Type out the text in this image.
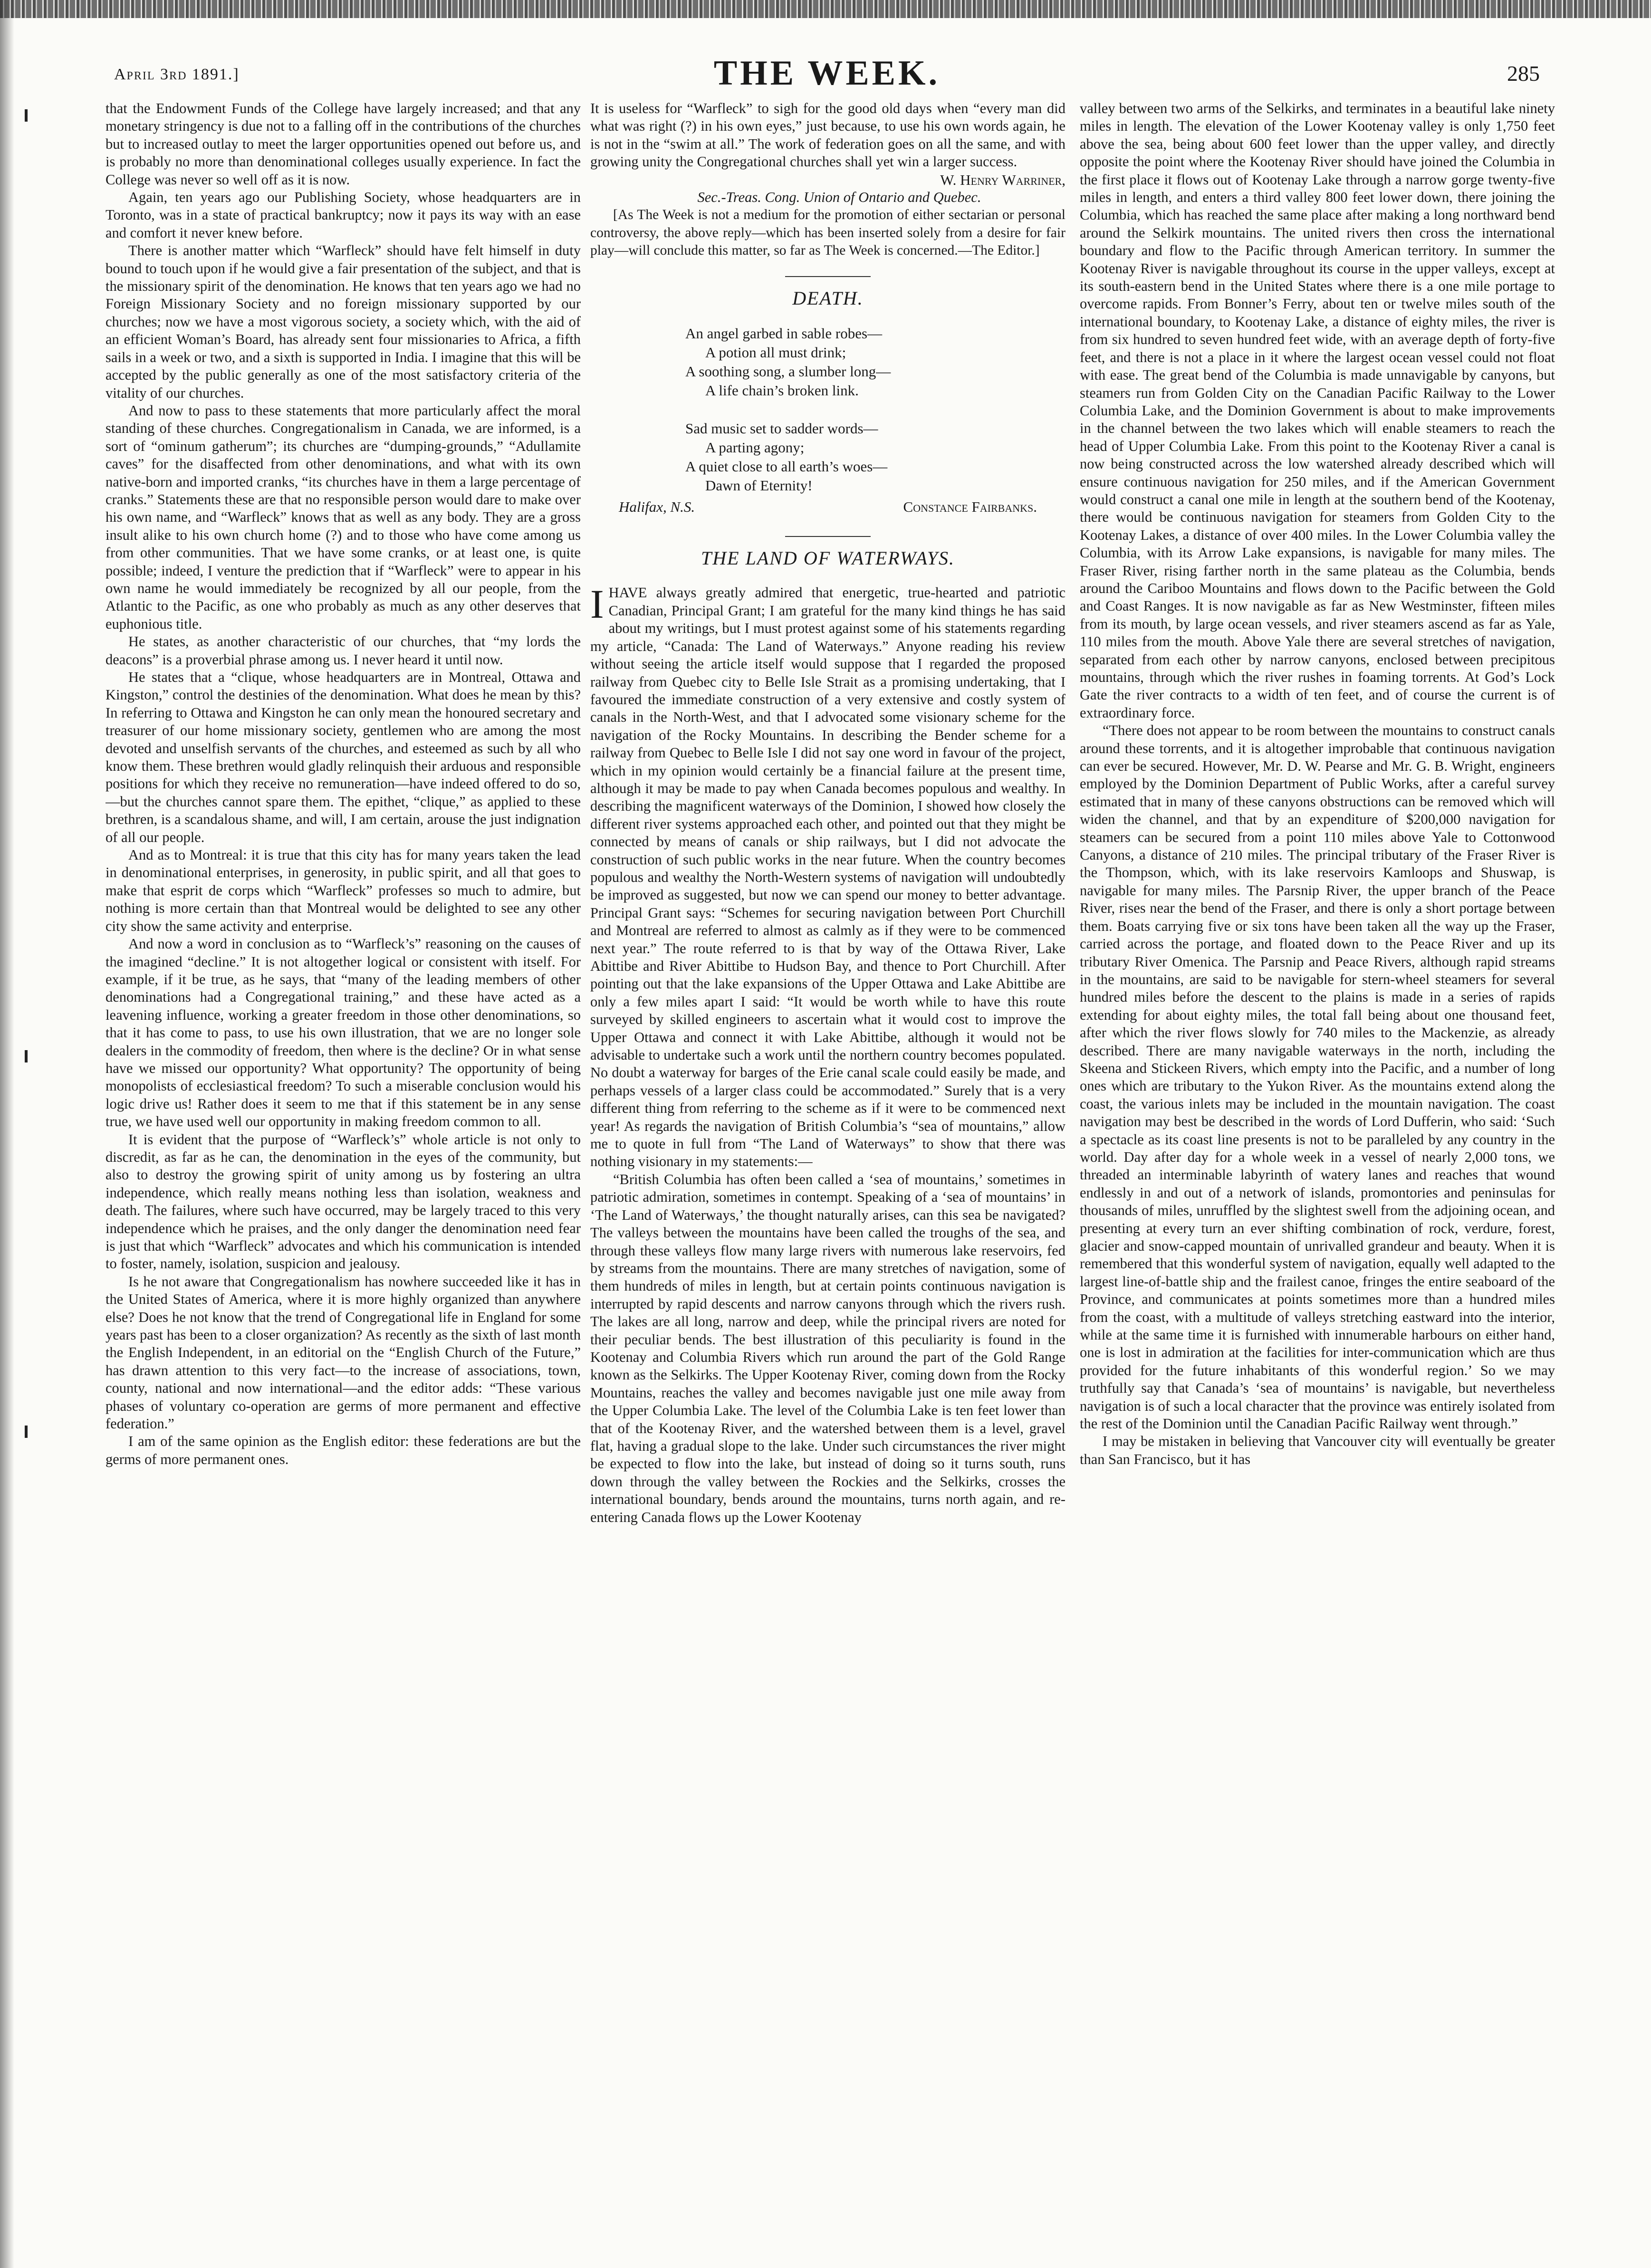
April 3rd 1891.]	THE WEEK.	285

that the Endowment Funds of the College have largely increased; and that any monetary stringency is due not to a falling off in the contributions of the churches but to increased outlay to meet the larger opportunities opened out before us, and is probably no more than denominational colleges usually experience. In fact the College was never so well off as it is now.

Again, ten years ago our Publishing Society, whose headquarters are in Toronto, was in a state of practical bankruptcy; now it pays its way with an ease and comfort it never knew before.

There is another matter which “Warfleck” should have felt himself in duty bound to touch upon if he would give a fair presentation of the subject, and that is the missionary spirit of the denomination. He knows that ten years ago we had no Foreign Missionary Society and no foreign missionary supported by our churches; now we have a most vigorous society, a society which, with the aid of an efficient Woman’s Board, has already sent four missionaries to Africa, a fifth sails in a week or two, and a sixth is supported in India. I imagine that this will be accepted by the public generally as one of the most satisfactory criteria of the vitality of our churches.

And now to pass to these statements that more particularly affect the moral standing of these churches. Congregationalism in Canada, we are informed, is a sort of “ominum gatherum”; its churches are “dumping-grounds,” “Adullamite caves” for the disaffected from other denominations, and what with its own native-born and imported cranks, “its churches have in them a large percentage of cranks.” Statements these are that no responsible person would dare to make over his own name, and “Warfleck” knows that as well as any body. They are a gross insult alike to his own church home (?) and to those who have come among us from other communities. That we have some cranks, or at least one, is quite possible; indeed, I venture the prediction that if “Warfleck” were to appear in his own name he would immediately be recognized by all our people, from the Atlantic to the Pacific, as one who probably as much as any other deserves that euphonious title.

He states, as another characteristic of our churches, that “my lords the deacons” is a proverbial phrase among us. I never heard it until now.

He states that a “clique, whose headquarters are in Montreal, Ottawa and Kingston,” control the destinies of the denomination. What does he mean by this? In referring to Ottawa and Kingston he can only mean the honoured secretary and treasurer of our home missionary society, gentlemen who are among the most devoted and unselfish servants of the churches, and esteemed as such by all who know them. These brethren would gladly relinquish their arduous and responsible positions for which they receive no remuneration—have indeed offered to do so,—but the churches cannot spare them. The epithet, “clique,” as applied to these brethren, is a scandalous shame, and will, I am certain, arouse the just indignation of all our people.

And as to Montreal: it is true that this city has for many years taken the lead in denominational enterprises, in generosity, in public spirit, and all that goes to make that esprit de corps which “Warfleck” professes so much to admire, but nothing is more certain than that Montreal would be delighted to see any other city show the same activity and enterprise.

And now a word in conclusion as to “Warfleck’s” reasoning on the causes of the imagined “decline.” It is not altogether logical or consistent with itself. For example, if it be true, as he says, that “many of the leading members of other denominations had a Congregational training,” and these have acted as a leavening influence, working a greater freedom in those other denominations, so that it has come to pass, to use his own illustration, that we are no longer sole dealers in the commodity of freedom, then where is the decline? Or in what sense have we missed our opportunity? What opportunity? The opportunity of being monopolists of ecclesiastical freedom? To such a miserable conclusion would his logic drive us! Rather does it seem to me that if this statement be in any sense true, we have used well our opportunity in making freedom common to all.

It is evident that the purpose of “Warfleck’s” whole article is not only to discredit, as far as he can, the denomination in the eyes of the community, but also to destroy the growing spirit of unity among us by fostering an ultra independence, which really means nothing less than isolation, weakness and death. The failures, where such have occurred, may be largely traced to this very independence which he praises, and the only danger the denomination need fear is just that which “Warfleck” advocates and which his communication is intended to foster, namely, isolation, suspicion and jealousy.

Is he not aware that Congregationalism has nowhere succeeded like it has in the United States of America, where it is more highly organized than anywhere else? Does he not know that the trend of Congregational life in England for some years past has been to a closer organization? As recently as the sixth of last month the English Independent, in an editorial on the “English Church of the Future,” has drawn attention to this very fact—to the increase of associations, town, county, national and now international—and the editor adds: “These various phases of voluntary co-operation are germs of more permanent and effective federation.”

I am of the same opinion as the English editor: these federations are but the germs of more permanent ones.

It is useless for “Warfleck” to sigh for the good old days when “every man did what was right (?) in his own eyes,” just because, to use his own words again, he is not in the “swim at all.” The work of federation goes on all the same, and with growing unity the Congregational churches shall yet win a larger success.

W. Henry Warriner,

Sec.-Treas. Cong. Union of Ontario and Quebec.

[As The Week is not a medium for the promotion of either sectarian or personal controversy, the above reply—which has been inserted solely from a desire for fair play—will conclude this matter, so far as The Week is concerned.—The Editor.]

DEATH.
An angel garbed in sable robes—
A potion all must drink;
A soothing song, a slumber long—
A life chain’s broken link.
Sad music set to sadder words—
A parting agony;
A quiet close to all earth’s woes—
Dawn of Eternity!
Halifax, N.S.	Constance Fairbanks.
THE LAND OF WATERWAYS.

IHAVE always greatly admired that energetic, true-hearted and patriotic Canadian, Principal Grant; I am grateful for the many kind things he has said about my writings, but I must protest against some of his statements regarding my article, “Canada: The Land of Waterways.” Anyone reading his review without seeing the article itself would suppose that I regarded the proposed railway from Quebec city to Belle Isle Strait as a promising undertaking, that I favoured the immediate construction of a very extensive and costly system of canals in the North-West, and that I advocated some visionary scheme for the navigation of the Rocky Mountains. In describing the Bender scheme for a railway from Quebec to Belle Isle I did not say one word in favour of the project, which in my opinion would certainly be a financial failure at the present time, although it may be made to pay when Canada becomes populous and wealthy. In describing the magnificent waterways of the Dominion, I showed how closely the different river systems approached each other, and pointed out that they might be connected by means of canals or ship railways, but I did not advocate the construction of such public works in the near future. When the country becomes populous and wealthy the North-Western systems of navigation will undoubtedly be improved as suggested, but now we can spend our money to better advantage. Principal Grant says: “Schemes for securing navigation between Port Churchill and Montreal are referred to almost as calmly as if they were to be commenced next year.” The route referred to is that by way of the Ottawa River, Lake Abittibe and River Abittibe to Hudson Bay, and thence to Port Churchill. After pointing out that the lake expansions of the Upper Ottawa and Lake Abittibe are only a few miles apart I said: “It would be worth while to have this route surveyed by skilled engineers to ascertain what it would cost to improve the Upper Ottawa and connect it with Lake Abittibe, although it would not be advisable to undertake such a work until the northern country becomes populated. No doubt a waterway for barges of the Erie canal scale could easily be made, and perhaps vessels of a larger class could be accommodated.” Surely that is a very different thing from referring to the scheme as if it were to be commenced next year! As regards the navigation of British Columbia’s “sea of mountains,” allow me to quote in full from “The Land of Waterways” to show that there was nothing visionary in my statements:—

“British Columbia has often been called a ‘sea of mountains,’ sometimes in patriotic admiration, sometimes in contempt. Speaking of a ‘sea of mountains’ in ‘The Land of Waterways,’ the thought naturally arises, can this sea be navigated? The valleys between the mountains have been called the troughs of the sea, and through these valleys flow many large rivers with numerous lake reservoirs, fed by streams from the mountains. There are many stretches of navigation, some of them hundreds of miles in length, but at certain points continuous navigation is interrupted by rapid descents and narrow canyons through which the rivers rush. The lakes are all long, narrow and deep, while the principal rivers are noted for their peculiar bends. The best illustration of this peculiarity is found in the Kootenay and Columbia Rivers which run around the part of the Gold Range known as the Selkirks. The Upper Kootenay River, coming down from the Rocky Mountains, reaches the valley and becomes navigable just one mile away from the Upper Columbia Lake. The level of the Columbia Lake is ten feet lower than that of the Kootenay River, and the watershed between them is a level, gravel flat, having a gradual slope to the lake. Under such circumstances the river might be expected to flow into the lake, but instead of doing so it turns south, runs down through the valley between the Rockies and the Selkirks, crosses the international boundary, bends around the mountains, turns north again, and re-entering Canada flows up the Lower Kootenay

valley between two arms of the Selkirks, and terminates in a beautiful lake ninety miles in length. The elevation of the Lower Kootenay valley is only 1,750 feet above the sea, being about 600 feet lower than the upper valley, and directly opposite the point where the Kootenay River should have joined the Columbia in the first place it flows out of Kootenay Lake through a narrow gorge twenty-five miles in length, and enters a third valley 800 feet lower down, there joining the Columbia, which has reached the same place after making a long northward bend around the Selkirk mountains. The united rivers then cross the international boundary and flow to the Pacific through American territory. In summer the Kootenay River is navigable throughout its course in the upper valleys, except at its south-eastern bend in the United States where there is a one mile portage to overcome rapids. From Bonner’s Ferry, about ten or twelve miles south of the international boundary, to Kootenay Lake, a distance of eighty miles, the river is from six hundred to seven hundred feet wide, with an average depth of forty-five feet, and there is not a place in it where the largest ocean vessel could not float with ease. The great bend of the Columbia is made unnavigable by canyons, but steamers run from Golden City on the Canadian Pacific Railway to the Lower Columbia Lake, and the Dominion Government is about to make improvements in the channel between the two lakes which will enable steamers to reach the head of Upper Columbia Lake. From this point to the Kootenay River a canal is now being constructed across the low watershed already described which will ensure continuous navigation for 250 miles, and if the American Government would construct a canal one mile in length at the southern bend of the Kootenay, there would be continuous navigation for steamers from Golden City to the Kootenay Lakes, a distance of over 400 miles. In the Lower Columbia valley the Columbia, with its Arrow Lake expansions, is navigable for many miles. The Fraser River, rising farther north in the same plateau as the Columbia, bends around the Cariboo Mountains and flows down to the Pacific between the Gold and Coast Ranges. It is now navigable as far as New Westminster, fifteen miles from its mouth, by large ocean vessels, and river steamers ascend as far as Yale, 110 miles from the mouth. Above Yale there are several stretches of navigation, separated from each other by narrow canyons, enclosed between precipitous mountains, through which the river rushes in foaming torrents. At God’s Lock Gate the river contracts to a width of ten feet, and of course the current is of extraordinary force.

“There does not appear to be room between the mountains to construct canals around these torrents, and it is altogether improbable that continuous navigation can ever be secured. However, Mr. D. W. Pearse and Mr. G. B. Wright, engineers employed by the Dominion Department of Public Works, after a careful survey estimated that in many of these canyons obstructions can be removed which will widen the channel, and that by an expenditure of $200,000 navigation for steamers can be secured from a point 110 miles above Yale to Cottonwood Canyons, a distance of 210 miles. The principal tributary of the Fraser River is the Thompson, which, with its lake reservoirs Kamloops and Shuswap, is navigable for many miles. The Parsnip River, the upper branch of the Peace River, rises near the bend of the Fraser, and there is only a short portage between them. Boats carrying five or six tons have been taken all the way up the Fraser, carried across the portage, and floated down to the Peace River and up its tributary River Omenica. The Parsnip and Peace Rivers, although rapid streams in the mountains, are said to be navigable for stern-wheel steamers for several hundred miles before the descent to the plains is made in a series of rapids extending for about eighty miles, the total fall being about one thousand feet, after which the river flows slowly for 740 miles to the Mackenzie, as already described. There are many navigable waterways in the north, including the Skeena and Stickeen Rivers, which empty into the Pacific, and a number of long ones which are tributary to the Yukon River. As the mountains extend along the coast, the various inlets may be included in the mountain navigation. The coast navigation may best be described in the words of Lord Dufferin, who said: ‘Such a spectacle as its coast line presents is not to be paralleled by any country in the world. Day after day for a whole week in a vessel of nearly 2,000 tons, we threaded an interminable labyrinth of watery lanes and reaches that wound endlessly in and out of a network of islands, promontories and peninsulas for thousands of miles, unruffled by the slightest swell from the adjoining ocean, and presenting at every turn an ever shifting combination of rock, verdure, forest, glacier and snow-capped mountain of unrivalled grandeur and beauty. When it is remembered that this wonderful system of navigation, equally well adapted to the largest line-of-battle ship and the frailest canoe, fringes the entire seaboard of the Province, and communicates at points sometimes more than a hundred miles from the coast, with a multitude of valleys stretching eastward into the interior, while at the same time it is furnished with innumerable harbours on either hand, one is lost in admiration at the facilities for inter-communication which are thus provided for the future inhabitants of this wonderful region.’ So we may truthfully say that Canada’s ‘sea of mountains’ is navigable, but nevertheless navigation is of such a local character that the province was entirely isolated from the rest of the Dominion until the Canadian Pacific Railway went through.”

I may be mistaken in believing that Vancouver city will eventually be greater than San Francisco, but it has
